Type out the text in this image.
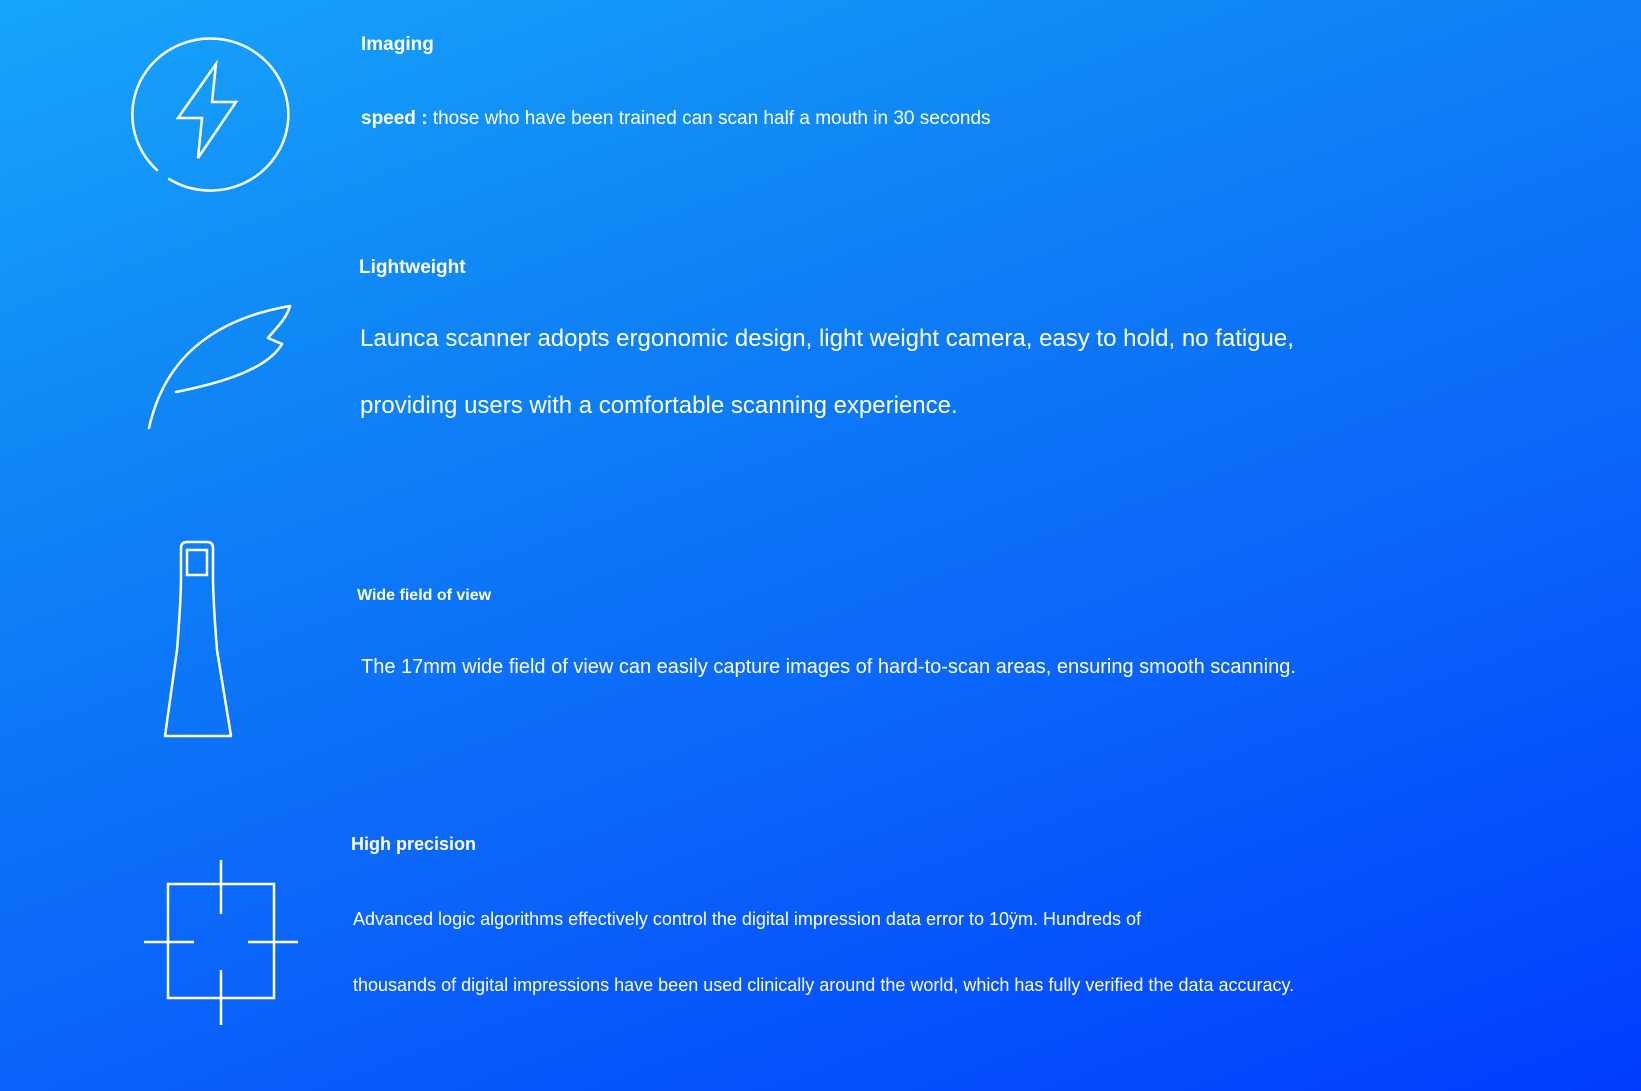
Imaging
speed : those who have been trained can scan half a mouth in 30 seconds
Lightweight
Launca scanner adopts ergonomic design, light weight camera, easy to hold, no fatigue,
providing users with a comfortable scanning experience.
Wide field of view
The 17mm wide field of view can easily capture images of hard-to-scan areas, ensuring smooth scanning.
High precision
Advanced logic algorithms effectively control the digital impression data error to 10ÿm. Hundreds of
thousands of digital impressions have been used clinically around the world, which has fully verified the data accuracy.
